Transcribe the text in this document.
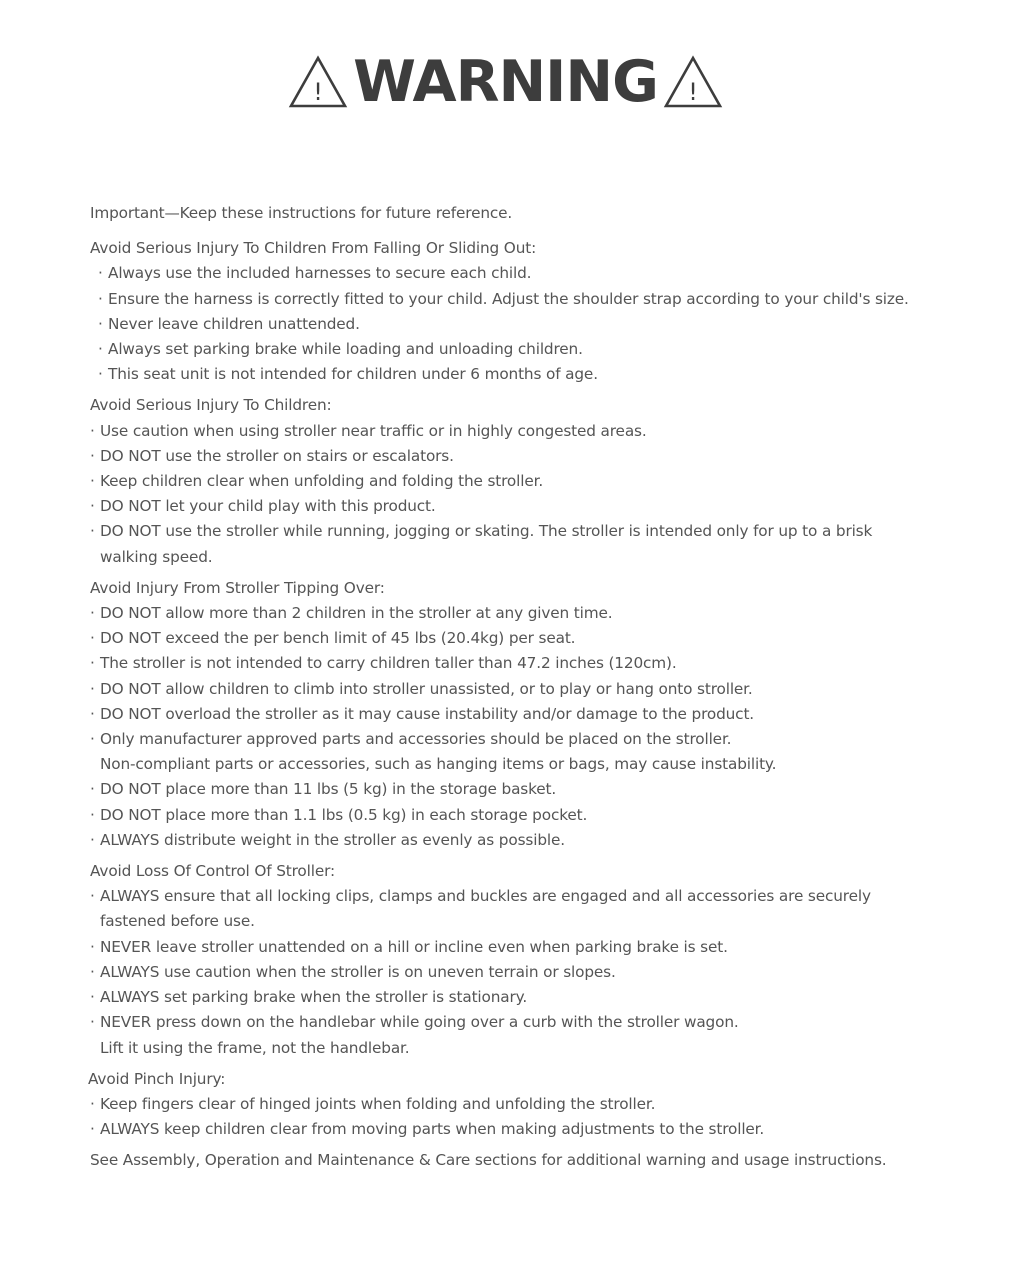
! WARNING !
Important—Keep these instructions for future reference.
Avoid Serious Injury To Children From Falling Or Sliding Out:
· Always use the included harnesses to secure each child.
· Ensure the harness is correctly fitted to your child. Adjust the shoulder strap according to your child's size.
· Never leave children unattended.
· Always set parking brake while loading and unloading children.
· This seat unit is not intended for children under 6 months of age.
Avoid Serious Injury To Children:
· Use caution when using stroller near traffic or in highly congested areas.
· DO NOT use the stroller on stairs or escalators.
· Keep children clear when unfolding and folding the stroller.
· DO NOT let your child play with this product.
· DO NOT use the stroller while running, jogging or skating. The stroller is intended only for up to a brisk
walking speed.
Avoid Injury From Stroller Tipping Over:
· DO NOT allow more than 2 children in the stroller at any given time.
· DO NOT exceed the per bench limit of 45 lbs (20.4kg) per seat.
· The stroller is not intended to carry children taller than 47.2 inches (120cm).
· DO NOT allow children to climb into stroller unassisted, or to play or hang onto stroller.
· DO NOT overload the stroller as it may cause instability and/or damage to the product.
· Only manufacturer approved parts and accessories should be placed on the stroller.
Non-compliant parts or accessories, such as hanging items or bags, may cause instability.
· DO NOT place more than 11 lbs (5 kg) in the storage basket.
· DO NOT place more than 1.1 lbs (0.5 kg) in each storage pocket.
· ALWAYS distribute weight in the stroller as evenly as possible.
Avoid Loss Of Control Of Stroller:
· ALWAYS ensure that all locking clips, clamps and buckles are engaged and all accessories are securely
fastened before use.
· NEVER leave stroller unattended on a hill or incline even when parking brake is set.
· ALWAYS use caution when the stroller is on uneven terrain or slopes.
· ALWAYS set parking brake when the stroller is stationary.
· NEVER press down on the handlebar while going over a curb with the stroller wagon.
Lift it using the frame, not the handlebar.
Avoid Pinch Injury:
· Keep fingers clear of hinged joints when folding and unfolding the stroller.
· ALWAYS keep children clear from moving parts when making adjustments to the stroller.
See Assembly, Operation and Maintenance & Care sections for additional warning and usage instructions.
